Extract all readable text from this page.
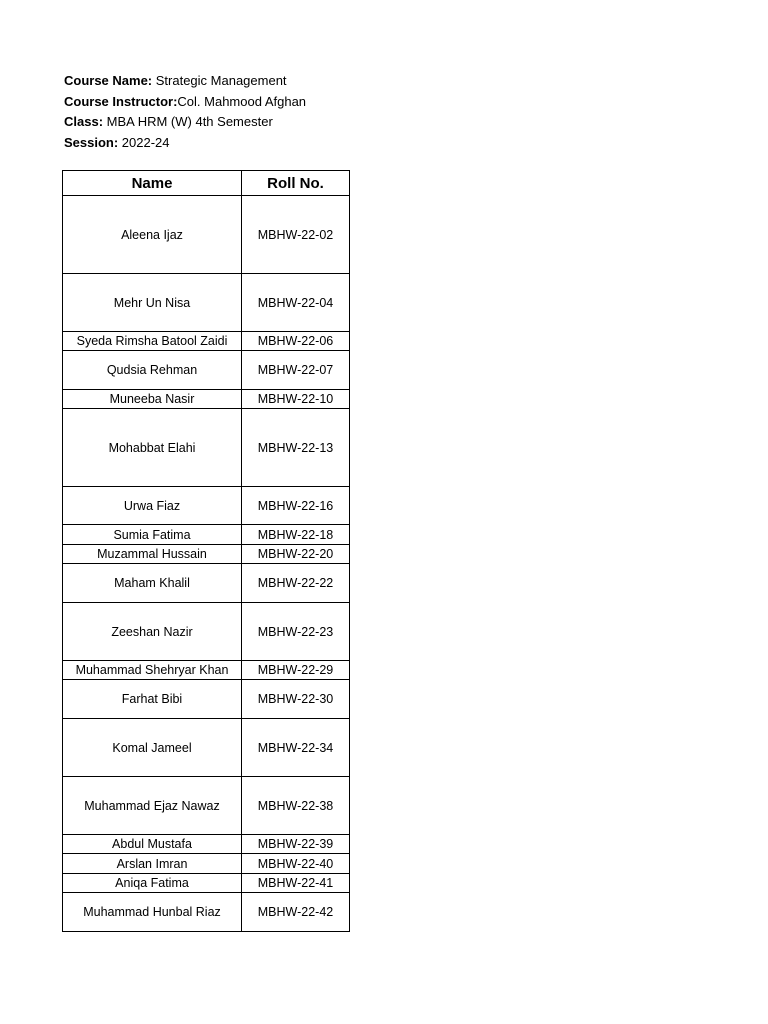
Course Name: Strategic Management
Course Instructor:Col. Mahmood Afghan
Class: MBA HRM (W) 4th Semester
Session: 2022-24
Name	Roll No.
Aleena Ijaz	MBHW-22-02
Mehr Un Nisa	MBHW-22-04
Syeda Rimsha Batool Zaidi	MBHW-22-06
Qudsia Rehman	MBHW-22-07
Muneeba Nasir	MBHW-22-10
Mohabbat Elahi	MBHW-22-13
Urwa Fiaz	MBHW-22-16
Sumia Fatima	MBHW-22-18
Muzammal Hussain	MBHW-22-20
Maham Khalil	MBHW-22-22
Zeeshan Nazir	MBHW-22-23
Muhammad Shehryar Khan	MBHW-22-29
Farhat Bibi	MBHW-22-30
Komal Jameel	MBHW-22-34
Muhammad Ejaz Nawaz	MBHW-22-38
Abdul Mustafa	MBHW-22-39
Arslan Imran	MBHW-22-40
Aniqa Fatima	MBHW-22-41
Muhammad Hunbal Riaz	MBHW-22-42
